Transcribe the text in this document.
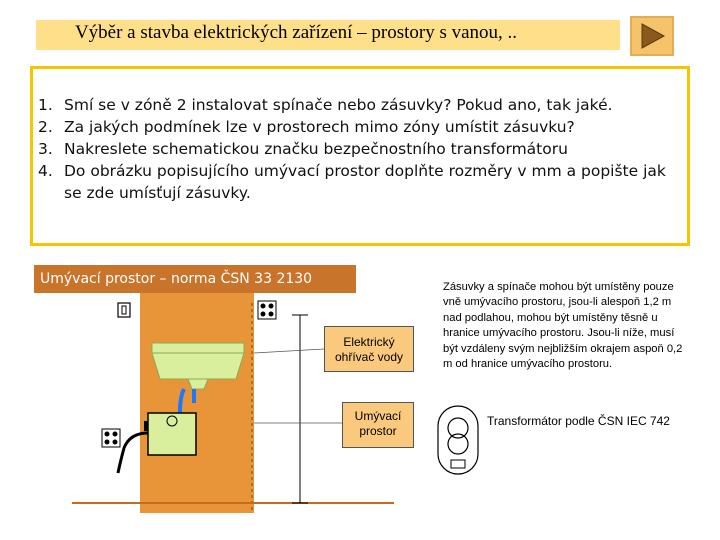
Výběr a stavba elektrických zařízení – prostory s vanou, ..
1. Smí se v zóně 2 instalovat spínače nebo zásuvky? Pokud ano, tak jaké.
2. Za jakých podmínek lze v prostorech mimo zóny umístit zásuvku?
3. Nakreslete schematickou značku bezpečnostního transformátoru
4. Do obrázku popisujícího umývací prostor doplňte rozměry v mm a popište jak se zde umísťují zásuvky.
Umývací prostor – norma ČSN 33 2130
Elektrický
ohřívač vody
Umývací
prostor
Zásuvky a spínače mohou být umístěny pouze vně umývacího prostoru, jsou-li alespoň 1,2 m nad podlahou, mohou být umístěny těsně u hranice umývacího prostoru. Jsou-li níže, musí být vzdáleny svým nejbližším okrajem aspoň 0,2 m od hranice umývacího prostoru.
Transformátor podle ČSN IEC 742
